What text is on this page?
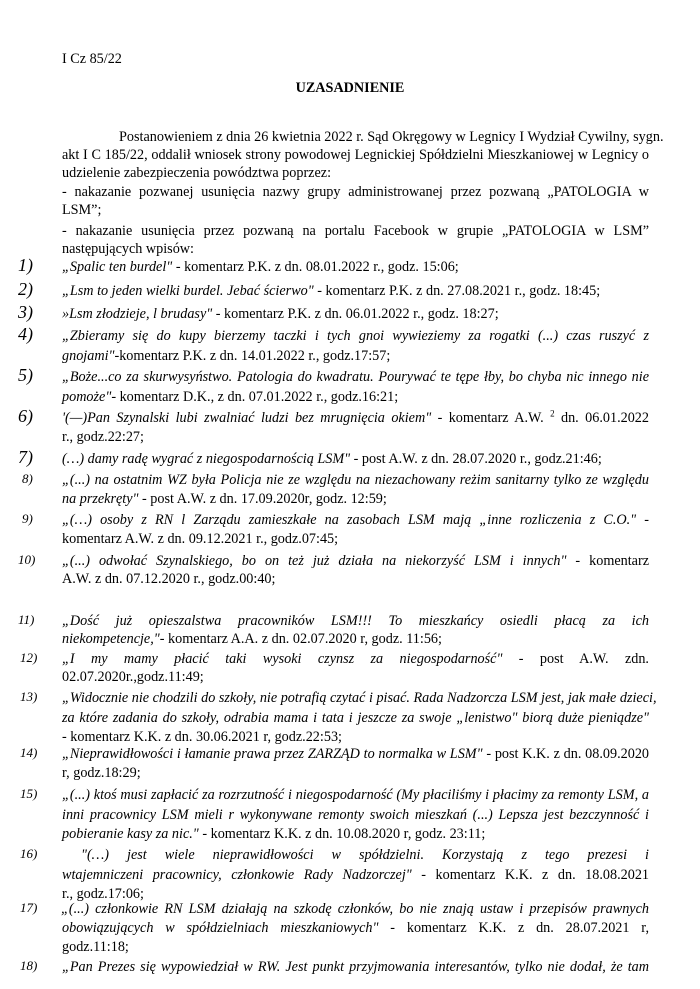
I Cz 85/22
UZASADNIENIE
Postanowieniem z dnia 26 kwietnia 2022 r. Sąd Okręgowy w Legnicy I Wydział Cywilny, sygn.
akt I C 185/22, oddalił wniosek strony powodowej Legnickiej Spółdzielni Mieszkaniowej w Legnicy o
udzielenie zabezpieczenia powództwa poprzez:
- nakazanie pozwanej usunięcia nazwy grupy administrowanej przez pozwaną „PATOLOGIA w
LSM”;
- nakazanie usunięcia przez pozwaną na portalu Facebook w grupie „PATOLOGIA w LSM”
następujących wpisów:
1) „Spalic ten burdel" - komentarz P.K. z dn. 08.01.2022 r., godz. 15:06;
2) „Lsm to jeden wielki burdel. Jebać ścierwo" - komentarz P.K. z dn. 27.08.2021 r., godz. 18:45;
3) »Lsm złodzieje, l brudasy" - komentarz P.K. z dn. 06.01.2022 r., godz. 18:27;
4) „Zbieramy się do kupy bierzemy taczki i tych gnoi wywieziemy za rogatki (...) czas ruszyć z
gnojami"-komentarz P.K. z dn. 14.01.2022 r., godz.17:57;
5) „Boże...co za skurwysyństwo. Patologia do kwadratu. Pourywać te tępe łby, bo chyba nic innego nie
pomoże"- komentarz D.K., z dn. 07.01.2022 r., godz.16:21;
6) '(—)Pan Szynalski lubi zwalniać ludzi bez mrugnięcia okiem" - komentarz A.W. $^2$ dn. 06.01.2022
r., godz.22:27;
7) (…) damy radę wygrać z niegospodarnością LSM" - post A.W. z dn. 28.07.2020 r., godz.21:46;
8) „(...) na ostatnim WZ była Policja nie ze względu na niezachowany reżim sanitarny tylko ze względu
na przekręty" - post A.W. z dn. 17.09.2020r, godz. 12:59;
9) „(…) osoby z RN l Zarządu zamieszkałe na zasobach LSM mają „inne rozliczenia z C.O." -
komentarz A.W. z dn. 09.12.2021 r., godz.07:45;
10) „(...) odwołać Szynalskiego, bo on też już działa na niekorzyść LSM i innych" - komentarz
A.W. z dn. 07.12.2020 r., godz.00:40;
11) „Dość już opieszalstwa pracowników LSM!!! To mieszkańcy osiedli płacą za ich
niekompetencje,"- komentarz A.A. z dn. 02.07.2020 r, godz. 11:56;
12) „I my mamy płacić taki wysoki czynsz za niegospodarność" - post A.W. zdn.
02.07.2020r.,godz.11:49;
13) „Widocznie nie chodzili do szkoły, nie potrafią czytać i pisać. Rada Nadzorcza LSM jest, jak małe dzieci,
za które zadania do szkoły, odrabia mama i tata i jeszcze za swoje „lenistwo" biorą duże pieniądze"
- komentarz K.K. z dn. 30.06.2021 r, godz.22:53;
14) „Nieprawidłowości i łamanie prawa przez ZARZĄD to normalka w LSM" - post K.K. z dn. 08.09.2020
r, godz.18:29;
15) „(...) ktoś musi zapłacić za rozrzutność i niegospodarność (My płaciliśmy i płacimy za remonty LSM, a
inni pracownicy LSM mieli r wykonywane remonty swoich mieszkań (...) Lepsza jest bezczynność i
pobieranie kasy za nic." - komentarz K.K. z dn. 10.08.2020 r, godz. 23:11;
16)	"(…) jest wiele nieprawidłowości w spółdzielni. Korzystają z tego prezesi i
wtajemniczeni pracownicy, członkowie Rady Nadzorczej" - komentarz K.K. z dn. 18.08.2021
r., godz.17:06;
17) „(...) członkowie RN LSM działają na szkodę członków, bo nie znają ustaw i przepisów prawnych
obowiązujących w spółdzielniach mieszkaniowych" - komentarz K.K. z dn. 28.07.2021 r,
godz.11:18;
18) „Pan Prezes się wypowiedział w RW. Jest punkt przyjmowania interesantów, tylko nie dodał, że tam
